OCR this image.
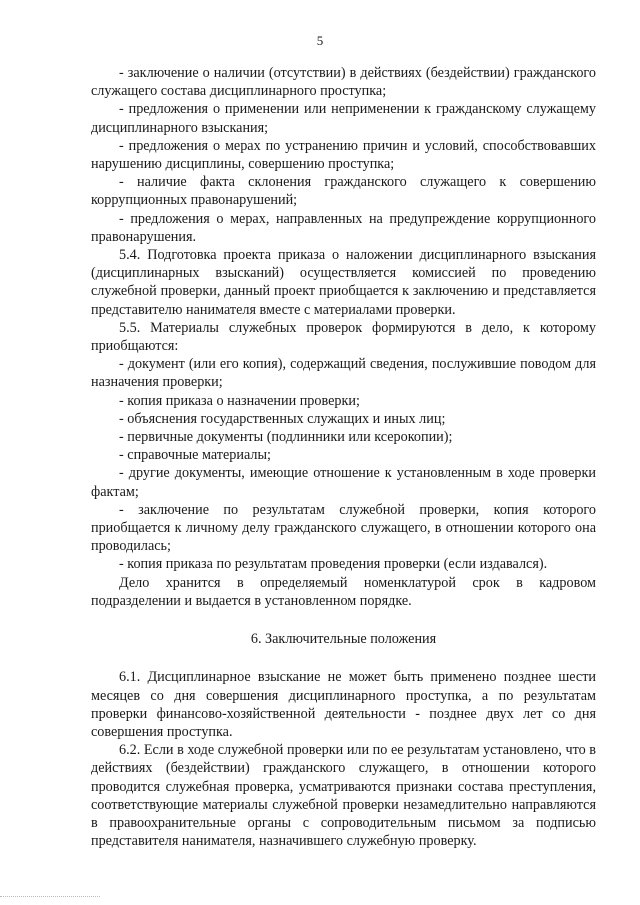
5

- заключение о наличии (отсутствии) в действиях (бездействии) гражданского служащего состава дисциплинарного проступка;

- предложения о применении или неприменении к гражданскому служащему дисциплинарного взыскания;

- предложения о мерах по устранению причин и условий, способствовавших нарушению дисциплины, совершению проступка;

- наличие факта склонения гражданского служащего к совершению коррупционных правонарушений;

- предложения о мерах, направленных на предупреждение коррупционного правонарушения.

5.4. Подготовка проекта приказа о наложении дисциплинарного взыскания (дисциплинарных взысканий) осуществляется комиссией по проведению служебной проверки, данный проект приобщается к заключению и представляется представителю нанимателя вместе с материалами проверки.

5.5. Материалы служебных проверок формируются в дело, к которому приобщаются:

- документ (или его копия), содержащий сведения, послужившие поводом для назначения проверки;

- копия приказа о назначении проверки;

- объяснения государственных служащих и иных лиц;

- первичные документы (подлинники или ксерокопии);

- справочные материалы;

- другие документы, имеющие отношение к установленным в ходе проверки фактам;

- заключение по результатам служебной проверки, копия которого приобщается к личному делу гражданского служащего, в отношении которого она проводилась;

- копия приказа по результатам проведения проверки (если издавался).

Дело хранится в определяемый номенклатурой срок в кадровом подразделении и выдается в установленном порядке.

6. Заключительные положения

6.1. Дисциплинарное взыскание не может быть применено позднее шести месяцев со дня совершения дисциплинарного проступка, а по результатам проверки финансово-хозяйственной деятельности - позднее двух лет со дня совершения проступка.

6.2. Если в ходе служебной проверки или по ее результатам установлено, что в действиях (бездействии) гражданского служащего, в отношении которого проводится служебная проверка, усматриваются признаки состава преступления, соответствующие материалы служебной проверки незамедлительно направляются в правоохранительные органы с сопроводительным письмом за подписью представителя нанимателя, назначившего служебную проверку.
